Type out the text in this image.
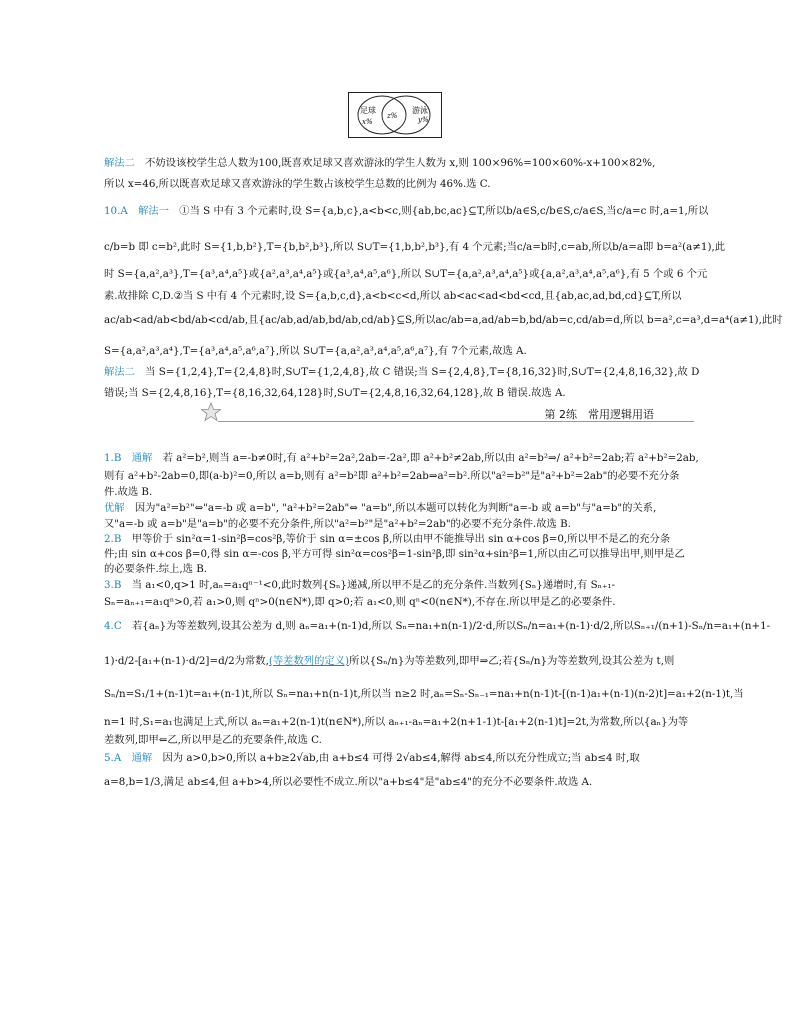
足球
x%
z%
游泳
y%
解法二　不妨设该校学生总人数为100,既喜欢足球又喜欢游泳的学生人数为 x,则 100×96%=100×60%-x+100×82%,
所以 x=46,所以既喜欢足球又喜欢游泳的学生数占该校学生总数的比例为 46%.选 C.
10.A　 解法一　①当 S 中有 3 个元素时,设 S={a,b,c},a<b<c,则{ab,bc,ac}⊆T,所以b/a∈S,c/b∈S,c/a∈S,当c/a=c 时,a=1,所以
c/b=b 即 c=b²,此时 S={1,b,b²},T={b,b²,b³},所以 S∪T={1,b,b²,b³},有 4 个元素;当c/a=b时,c=ab,所以b/a=a即 b=a²(a≠1),此
时 S={a,a²,a³},T={a³,a⁴,a⁵}或{a²,a³,a⁴,a⁵}或{a³,a⁴,a⁵,a⁶},所以 S∪T={a,a²,a³,a⁴,a⁵}或{a,a²,a³,a⁴,a⁵,a⁶},有 5 个或 6 个元
素.故排除 C,D.②当 S 中有 4 个元素时,设 S={a,b,c,d},a<b<c<d,所以 ab<ac<ad<bd<cd,且{ab,ac,ad,bd,cd}⊆T,所以
ac/ab<ad/ab<bd/ab<cd/ab,且{ac/ab,ad/ab,bd/ab,cd/ab}⊆S,所以ac/ab=a,ad/ab=b,bd/ab=c,cd/ab=d,所以 b=a²,c=a³,d=a⁴(a≠1),此时
S={a,a²,a³,a⁴},T={a³,a⁴,a⁵,a⁶,a⁷},所以 S∪T={a,a²,a³,a⁴,a⁵,a⁶,a⁷},有 7个元素,故选 A.
解法二　当 S={1,2,4},T={2,4,8}时,S∪T={1,2,4,8},故 C 错误;当 S={2,4,8},T={8,16,32}时,S∪T={2,4,8,16,32},故 D
错误;当 S={2,4,8,16},T={8,16,32,64,128}时,S∪T={2,4,8,16,32,64,128},故 B 错误.故选 A.
1.B　 通解　若 a²=b²,则当 a=-b≠0时,有 a²+b²=2a²,2ab=-2a²,即 a²+b²≠2ab,所以由 a²=b²⇒/ a²+b²=2ab;若 a²+b²=2ab,
则有 a²+b²-2ab=0,即(a-b)²=0,所以 a=b,则有 a²=b²即 a²+b²=2ab⇒a²=b².所以"a²=b²"是"a²+b²=2ab"的必要不充分条
件.故选 B.
优解　因为"a²=b²"⇔"a=-b 或 a=b", "a²+b²=2ab"⇔ "a=b",所以本题可以转化为判断"a=-b 或 a=b"与"a=b"的关系,
又"a=-b 或 a=b"是"a=b"的必要不充分条件,所以"a²=b²"是"a²+b²=2ab"的必要不充分条件.故选 B.
2.B　甲等价于 sin²α=1-sin²β=cos²β,等价于 sin α=±cos β,所以由甲不能推导出 sin α+cos β=0,所以甲不是乙的充分条
件;由 sin α+cos β=0,得 sin α=-cos β,平方可得 sin²α=cos²β=1-sin²β,即 sin²α+sin²β=1,所以由乙可以推导出甲,则甲是乙
的必要条件.综上,选 B.
3.B　当 a₁<0,q>1 时,aₙ=a₁qⁿ⁻¹<0,此时数列{Sₙ}递减,所以甲不是乙的充分条件.当数列{Sₙ}递增时,有 Sₙ₊₁-
Sₙ=aₙ₊₁=a₁qⁿ>0,若 a₁>0,则 qⁿ>0(n∈N*),即 q>0;若 a₁<0,则 qⁿ<0(n∈N*),不存在.所以甲是乙的必要条件.
4.C　若{aₙ}为等差数列,设其公差为 d,则 aₙ=a₁+(n-1)d,所以 Sₙ=na₁+n(n-1)/2·d,所以Sₙ/n=a₁+(n-1)·d/2,所以Sₙ₊₁/(n+1)-Sₙ/n=a₁+(n+1-
1)·d/2-[a₁+(n-1)·d/2]=d/2为常数,(等差数列的定义)所以{Sₙ/n}为等差数列,即甲⇒乙;若{Sₙ/n}为等差数列,设其公差为 t,则
Sₙ/n=S₁/1+(n-1)t=a₁+(n-1)t,所以 Sₙ=na₁+n(n-1)t,所以当 n≥2 时,aₙ=Sₙ-Sₙ₋₁=na₁+n(n-1)t-[(n-1)a₁+(n-1)(n-2)t]=a₁+2(n-1)t,当
n=1 时,S₁=a₁也满足上式,所以 aₙ=a₁+2(n-1)t(n∈N*),所以 aₙ₊₁-aₙ=a₁+2(n+1-1)t-[a₁+2(n-1)t]=2t,为常数,所以{aₙ}为等
差数列,即甲⇐乙,所以甲是乙的充要条件,故选 C.
5.A　 通解　因为 a>0,b>0,所以 a+b≥2√ab,由 a+b≤4 可得 2√ab≤4,解得 ab≤4,所以充分性成立;当 ab≤4 时,取
a=8,b=1/3,满足 ab≤4,但 a+b>4,所以必要性不成立.所以"a+b≤4"是"ab≤4"的充分不必要条件.故选 A.
第 2练　常用逻辑用语
